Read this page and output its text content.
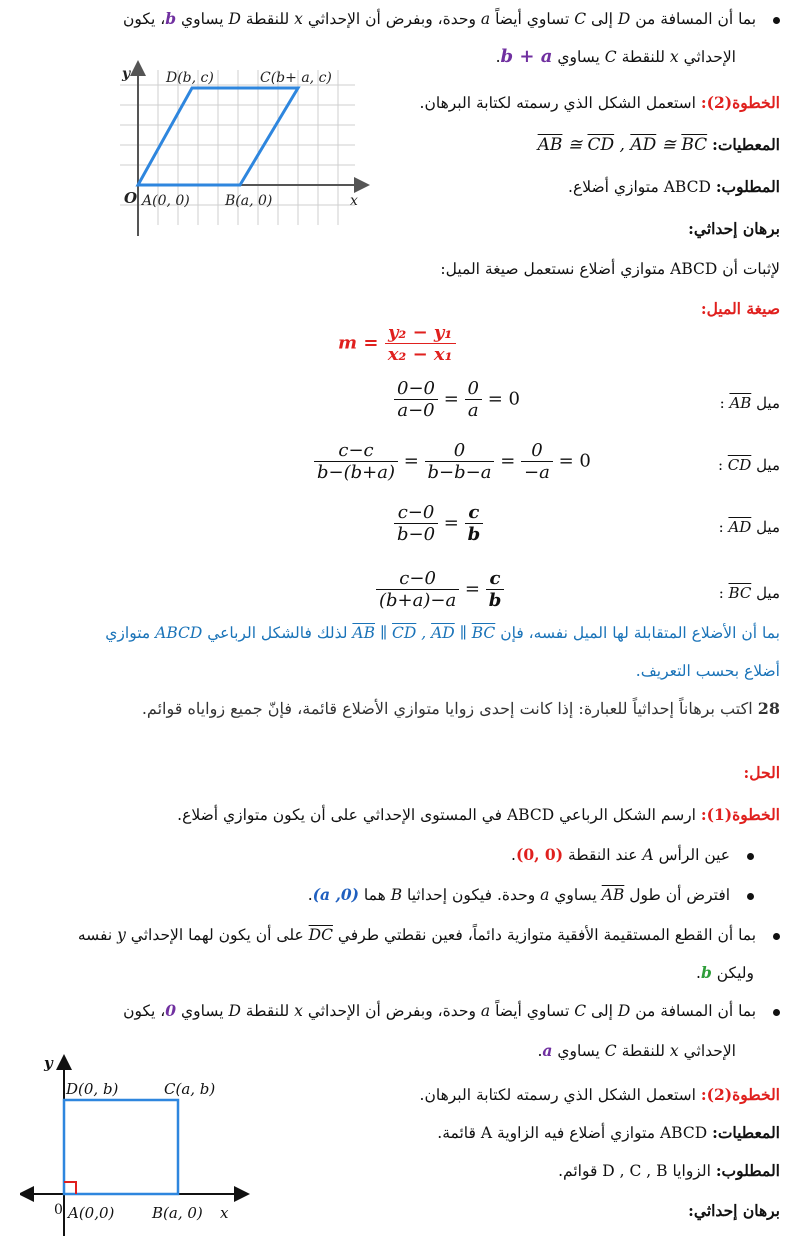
بما أن المسافة من D إلى C تساوي أيضاً a وحدة، وبفرض أن الإحداثي x للنقطة D يساوي b، يكون
الإحداثي x للنقطة C يساوي b + a.
y
x
O A(0, 0)	B(a, 0)
C(b+ a, c)
D(b, c)
الخطوة(2): استعمل الشكل الذي رسمته لكتابة البرهان.
المعطيات: $\overline{AB}$ ≅ $\overline{CD}$ , $\overline{AD}$ ≅ $\overline{BC}$
المطلوب: ABCD متوازي أضلاع.
برهان إحداثي:
لإثبات أن ABCD متوازي أضلاع نستعمل صيغة الميل:
صيغة الميل:
$m = \frac{\text{y₂ − y₁}}{\text{x₂ − x₁}}$
ميل AB :
$\frac{0-0}{a-0} = \frac{0}{a} = 0$
ميل CD :
$\frac{c-c}{b-(b+a)} = \frac{0}{b-b-a} = \frac{0}{-a} = 0$
ميل AD :
$\frac{c-0}{b-0} = \frac{c}{b}$
ميل BC :
$\frac{c-0}{(b+a)-a} = \frac{c}{b}$
بما أن الأضلاع المتقابلة لها الميل نفسه، فإن $\overline{AB}$ ∥ $\overline{CD}$ , $\overline{AD}$ ∥ $\overline{BC}$ لذلك فالشكل الرباعي ABCD متوازي
أضلاع بحسب التعريف.
28 اكتب برهاناً إحداثياً للعبارة: إذا كانت إحدى زوايا متوازي الأضلاع قائمة، فإنّ جميع زواياه قوائم.
الحل:
الخطوة(1): ارسم الشكل الرباعي ABCD في المستوى الإحداثي على أن يكون متوازي أضلاع.
عين الرأس A عند النقطة (0 ,0).
افترض أن طول AB يساوي a وحدة. فيكون إحداثيا B هما (a ,0).
بما أن القطع المستقيمة الأفقية متوازية دائماً، فعين نقطتي طرفي DC على أن يكون لهما الإحداثي y نفسه
وليكن b.
بما أن المسافة من D إلى C تساوي أيضاً a وحدة، وبفرض أن الإحداثي x للنقطة D يساوي 0، يكون
الإحداثي x للنقطة C يساوي a.
y
x
0 A(0,0)	B(a, 0)
C(a, b)
D(0, b)	الخطوة(2): استعمل الشكل الذي رسمته لكتابة البرهان.
المعطيات: ABCD متوازي أضلاع فيه الزاوية A قائمة.
المطلوب: الزوايا D , C , B قوائم.
برهان إحداثي:
